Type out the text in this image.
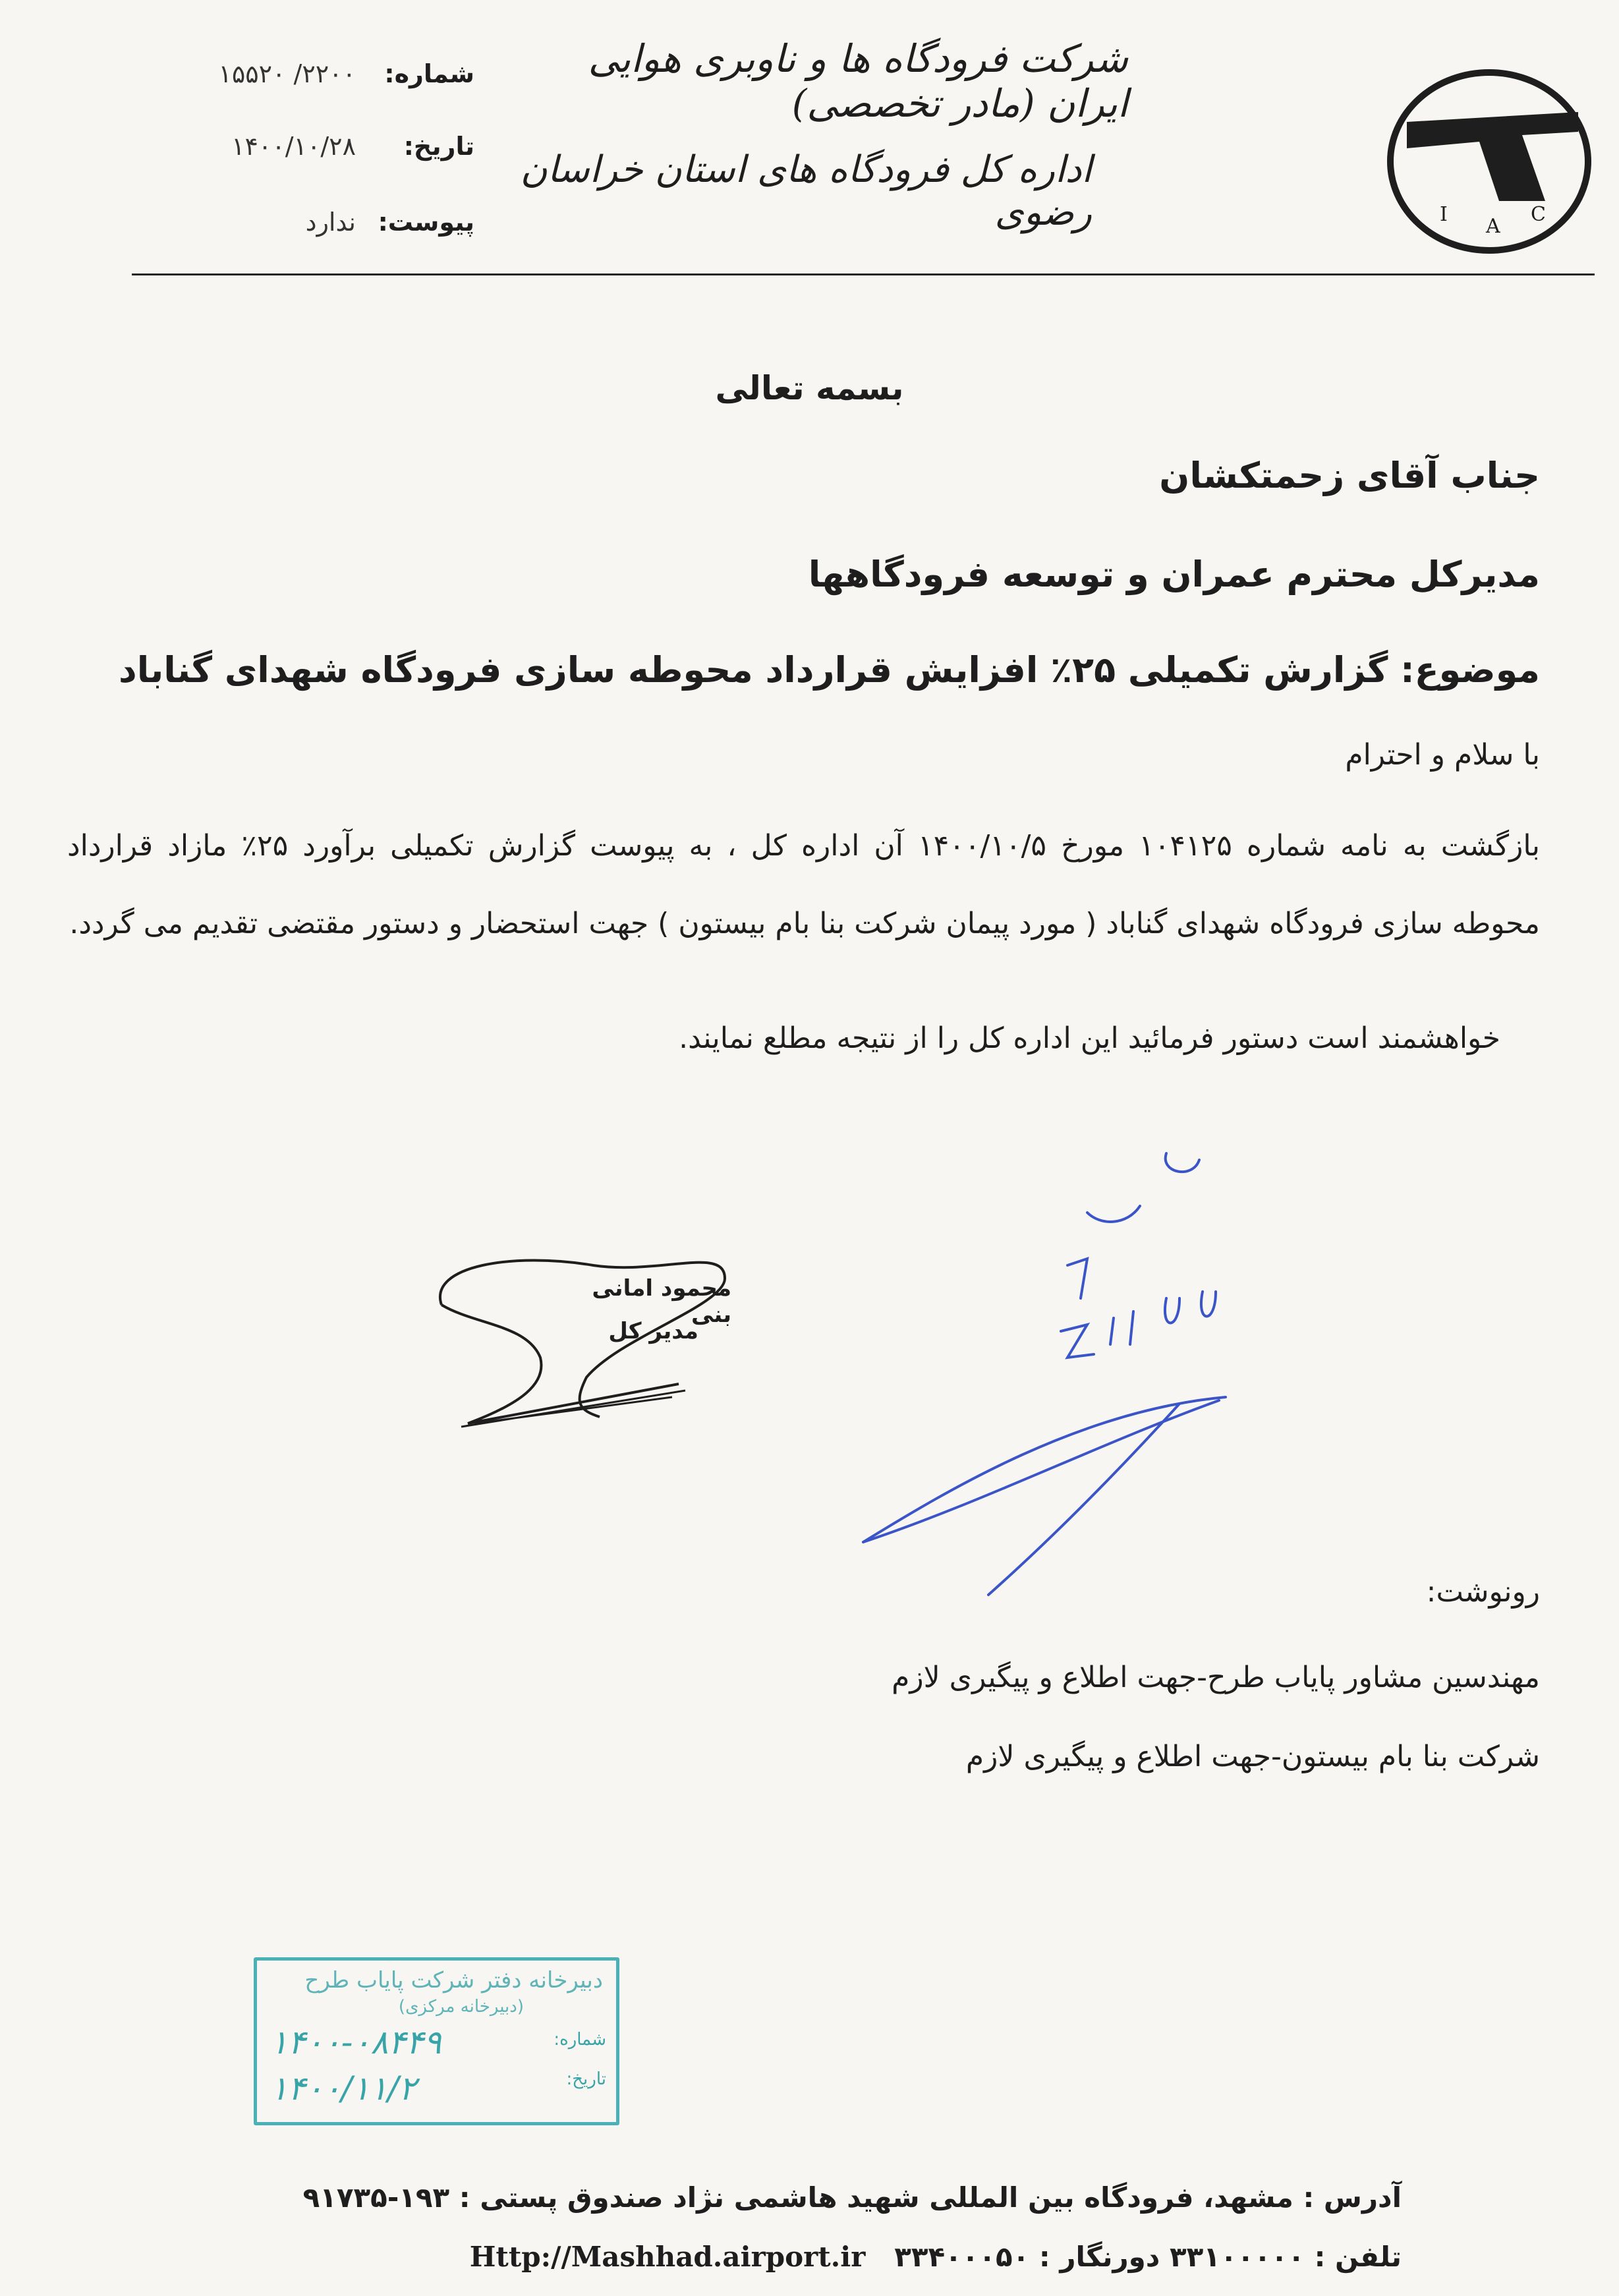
I
A
C
شرکت فرودگاه ها و ناوبری هوایی ایران (مادر تخصصی)
اداره کل فرودگاه های استان خراسان رضوی
شماره:
۲۲۰۰/ ۱۵۵۲۰
تاریخ:
۱۴۰۰/۱۰/۲۸
پیوست:
ندارد
بسمه تعالی
جناب آقای زحمتکشان
مدیرکل محترم عمران و توسعه فرودگاهها
موضوع: گزارش تکمیلی ۲۵٪ افزایش قرارداد محوطه سازی فرودگاه شهدای گناباد
با سلام و احترام
بازگشت به نامه شماره ۱۰۴۱۲۵ مورخ ۱۴۰۰/۱۰/۵ آن اداره کل ، به پیوست گزارش تکمیلی برآورد ۲۵٪ مازاد قرارداد محوطه سازی فرودگاه شهدای گناباد ( مورد پیمان شرکت بنا بام بیستون ) جهت استحضار و دستور مقتضی تقدیم می گردد.
خواهشمند است دستور فرمائید این اداره کل را از نتیجه مطلع نمایند.
محمود امانی بنی
مدیر کل
رونوشت:
مهندسین مشاور پایاب طرح-جهت اطلاع و پیگیری لازم
شرکت بنا بام بیستون-جهت اطلاع و پیگیری لازم
دبیرخانه دفتر شرکت پایاب طرح
(دبیرخانه مرکزی)
شماره:
تاریخ:
۱۴۰۰-۰۸۴۴۹
۱۴۰۰/۱۱/۲
آدرس : مشهد، فرودگاه بین المللی شهید هاشمی نژاد صندوق پستی : ۱۹۳-۹۱۷۳۵
تلفن : ۳۳۱۰۰۰۰۰ دورنگار : ۳۳۴۰۰۰۵۰   Http://Mashhad.airport.ir
